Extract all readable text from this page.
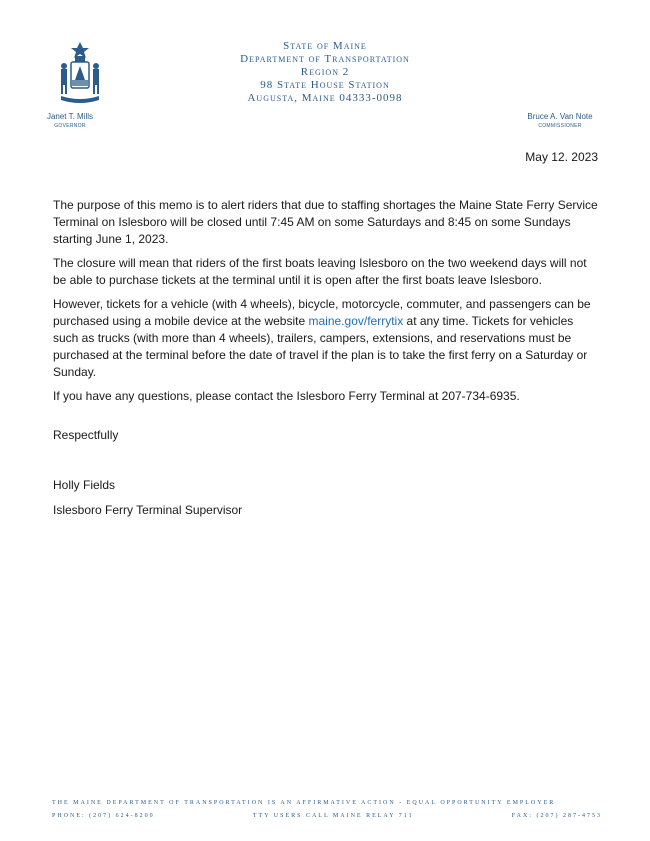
State of Maine
Department of Transportation
Region 2
98 State House Station
Augusta, Maine 04333-0098
Janet T. Mills
GOVERNOR
Bruce A. Van Note
COMMISSIONER
May 12. 2023

The purpose of this memo is to alert riders that due to staffing shortages the Maine State Ferry Service Terminal on Islesboro will be closed until 7:45 AM on some Saturdays and 8:45 on some Sundays starting June 1, 2023.

The closure will mean that riders of the first boats leaving Islesboro on the two weekend days will not be able to purchase tickets at the terminal until it is open after the first boats leave Islesboro.

However, tickets for a vehicle (with 4 wheels), bicycle, motorcycle, commuter, and passengers can be purchased using a mobile device at the website maine.gov/ferrytix at any time. Tickets for vehicles such as trucks (with more than 4 wheels), trailers, campers, extensions, and reservations must be purchased at the terminal before the date of travel if the plan is to take the first ferry on a Saturday or Sunday.

If you have any questions, please contact the Islesboro Ferry Terminal at 207-734-6935.

Respectfully
Holly Fields
Islesboro Ferry Terminal Supervisor
THE MAINE DEPARTMENT OF TRANSPORTATION IS AN AFFIRMATIVE ACTION - EQUAL OPPORTUNITY EMPLOYER
PHONE: (207) 624-8200	TTY USERS CALL MAINE RELAY 711	FAX: (207) 287-4753
